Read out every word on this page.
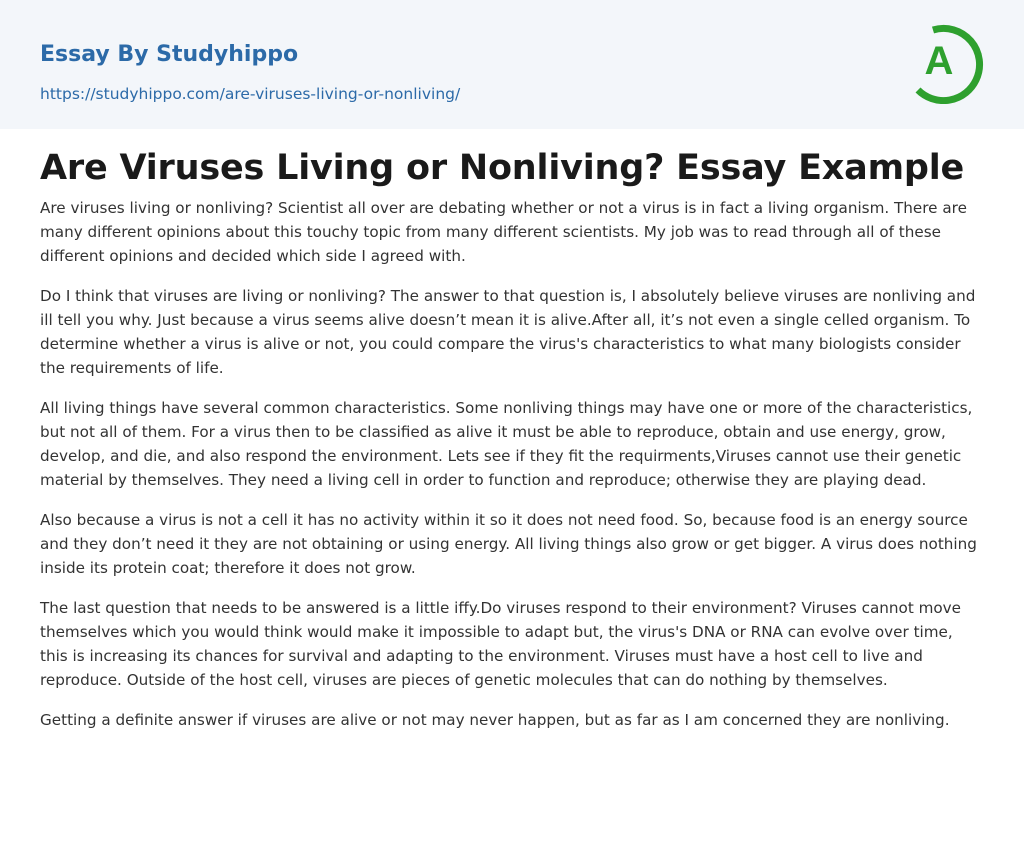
Essay By Studyhippo
https://studyhippo.com/are-viruses-living-or-nonliving/
A
Are Viruses Living or Nonliving? Essay Example

Are viruses living or nonliving? Scientist all over are debating whether or not a virus is in fact a living organism. There are many different opinions about this touchy topic from many different scientists. My job was to read through all of these different opinions and decided which side I agreed with.

Do I think that viruses are living or nonliving? The answer to that question is, I absolutely believe viruses are nonliving and ill tell you why. Just because a virus seems alive doesn’t mean it is alive.After all, it’s not even a single celled organism. To determine whether a virus is alive or not, you could compare the virus's characteristics to what many biologists consider the requirements of life.

All living things have several common characteristics. Some nonliving things may have one or more of the characteristics, but not all of them. For a virus then to be classified as alive it must be able to reproduce, obtain and use energy, grow, develop, and die, and also respond the environment. Lets see if they fit the requirments,Viruses cannot use their genetic material by themselves. They need a living cell in order to function and reproduce; otherwise they are playing dead.

Also because a virus is not a cell it has no activity within it so it does not need food. So, because food is an energy source and they don’t need it they are not obtaining or using energy. All living things also grow or get bigger. A virus does nothing inside its protein coat; therefore it does not grow.

The last question that needs to be answered is a little iffy.Do viruses respond to their environment? Viruses cannot move themselves which you would think would make it impossible to adapt but, the virus's DNA or RNA can evolve over time, this is increasing its chances for survival and adapting to the environment. Viruses must have a host cell to live and reproduce. Outside of the host cell, viruses are pieces of genetic molecules that can do nothing by themselves.

Getting a definite answer if viruses are alive or not may never happen, but as far as I am concerned they are nonliving.
